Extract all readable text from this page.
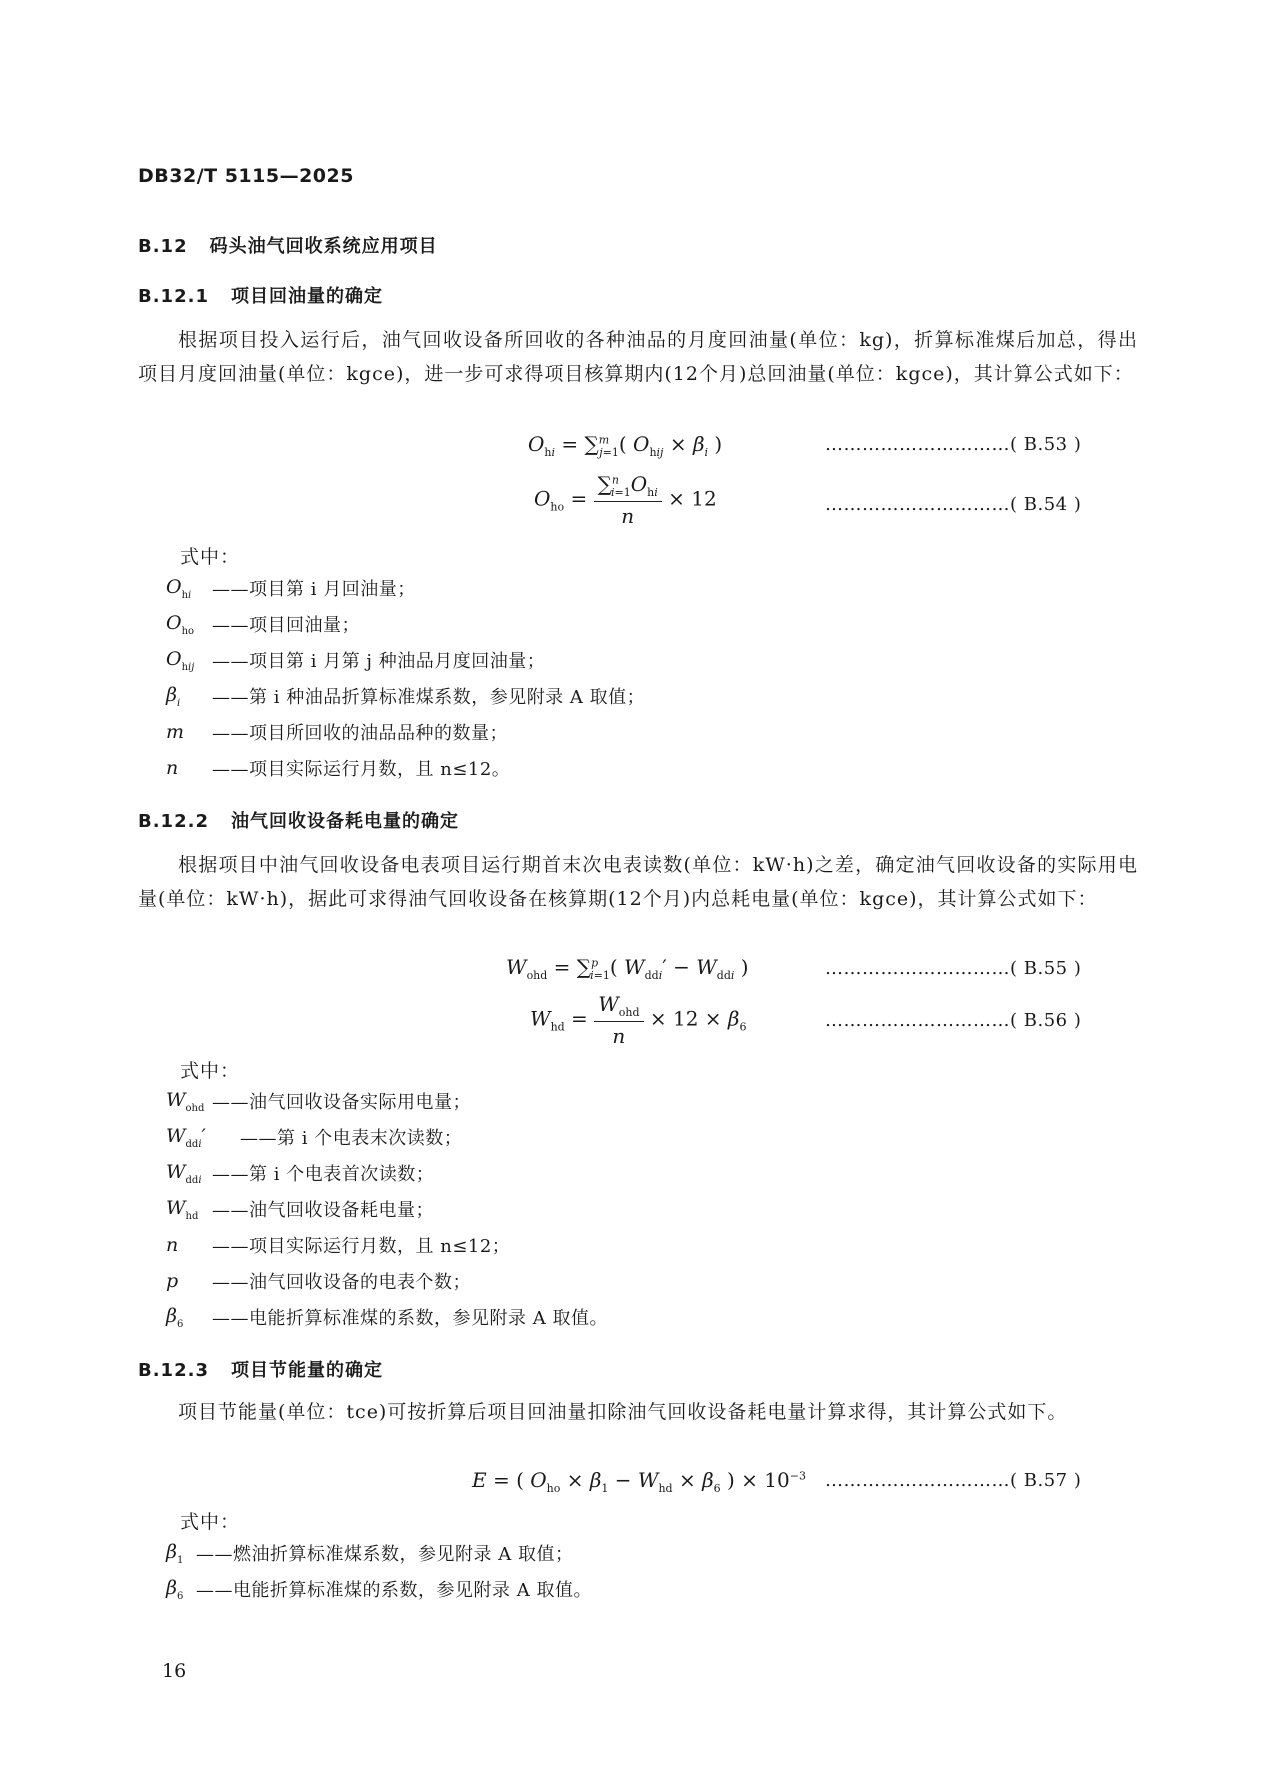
DB32/T 5115—2025
B.12 码头油气回收系统应用项目
B.12.1 项目回油量的确定
根据项目投入运行后，油气回收设备所回收的各种油品的月度回油量(单位：kg)，折算标准煤后加总，得出项目月度回油量(单位：kgce)，进一步可求得项目核算期内(12个月)总回油量(单位：kgce)，其计算公式如下：
$O_{hi} = \sum^m_{j=1}$( $O_{hij} \times \beta_i$ )	…………………………( B.53 )
$O_{ho} = \frac{\sum^n_{i=1}O_{hi}}{n} \times 12$	…………………………( B.54 )
式中：
$O_{hi}$	——项目第 i 月回油量；
$O_{ho}$ ——项目回油量；
$O_{hij}$ ——项目第 i 月第 j 种油品月度回油量；
$\beta_i$	——第 i 种油品折算标准煤系数，参见附录 A 取值；
m	——项目所回收的油品品种的数量；
n	——项目实际运行月数，且 n≤12。
B.12.2 油气回收设备耗电量的确定
根据项目中油气回收设备电表项目运行期首末次电表读数(单位：kW·h)之差，确定油气回收设备的实际用电量(单位：kW·h)，据此可求得油气回收设备在核算期(12个月)内总耗电量(单位：kgce)，其计算公式如下：
$W_{ohd} = \sum^p_{i=1}$( $W_{ddi}' - W_{ddi}$ )	…………………………( B.55 )
$W_{hd} = \frac{W_{ohd}}{n} \times 12 \times \beta_6$	…………………………( B.56 )
式中：
$W_{ohd}$ ——油气回收设备实际用电量；
$W_{ddi}'$	——第 i 个电表末次读数；
$W_{ddi}$ ——第 i 个电表首次读数；
$W_{hd}$ ——油气回收设备耗电量；
n	——项目实际运行月数，且 n≤12；
p	——油气回收设备的电表个数；
$\beta_6$	——电能折算标准煤的系数，参见附录 A 取值。
B.12.3 项目节能量的确定
项目节能量(单位：tce)可按折算后项目回油量扣除油气回收设备耗电量计算求得，其计算公式如下。
E = ( $O_{ho} \times \beta_1 - W_{hd} \times \beta_6$ ) × $10^{-3}$ …………………………( B.57 )
式中：
$\beta_1$ ——燃油折算标准煤系数，参见附录 A 取值；
$\beta_6$ ——电能折算标准煤的系数，参见附录 A 取值。
16
